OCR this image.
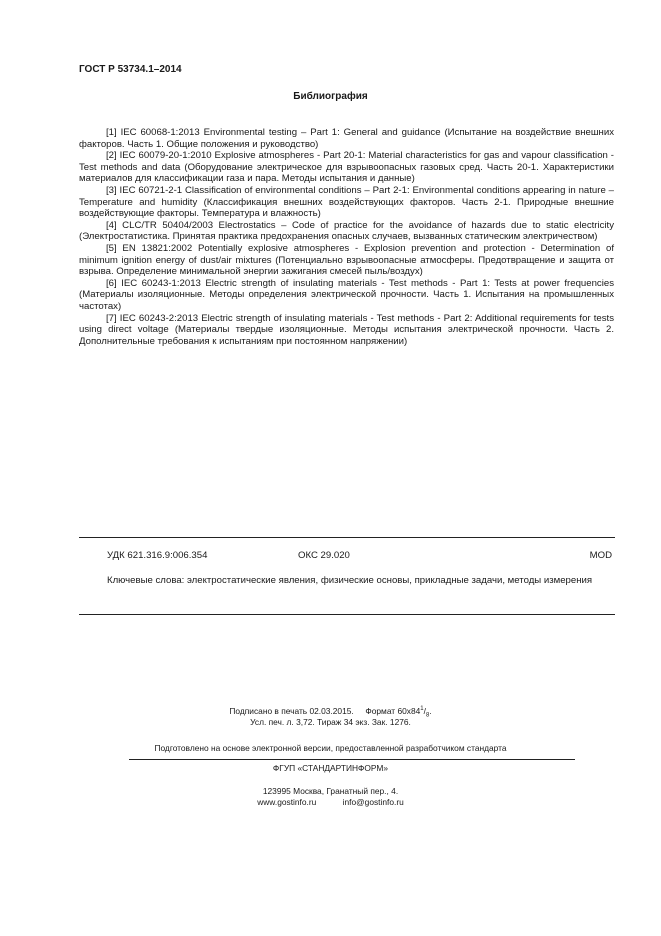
ГОСТ Р 53734.1–2014
Библиография

[1] IEC 60068-1:2013 Environmental testing – Part 1: General and guidance (Испытание на воздействие внешних факторов. Часть 1. Общие положения и руководство)

[2] IEC 60079-20-1:2010 Explosive atmospheres - Part 20-1: Material characteristics for gas and vapour classification - Test methods and data (Оборудование электрическое для взрывоопасных газовых сред. Часть 20-1. Характеристики материалов для классификации газа и пара. Методы испытания и данные)

[3] IEC 60721-2-1 Classification of environmental conditions – Part 2-1: Environmental conditions appearing in nature – Temperature and humidity (Классификация внешних воздействующих факторов. Часть 2-1. Природные внешние воздействующие факторы. Температура и влажность)

[4] CLC/TR 50404/2003 Electrostatics – Code of practice for the avoidance of hazards due to static electricity (Электростатистика. Принятая практика предохранения опасных случаев, вызванных статическим электричеством)

[5] EN 13821:2002 Potentially explosive atmospheres - Explosion prevention and protection - Determination of minimum ignition energy of dust/air mixtures (Потенциально взрывоопасные атмосферы. Предотвращение и защита от взрыва. Определение минимальной энергии зажигания смесей пыль/воздух)

[6] IEC 60243-1:2013 Electric strength of insulating materials - Test methods - Part 1: Tests at power frequencies (Материалы изоляционные. Методы определения электрической прочности. Часть 1. Испытания на промышленных частотах)

[7] IEC 60243-2:2013 Electric strength of insulating materials - Test methods - Part 2: Additional requirements for tests using direct voltage (Материалы твердые изоляционные. Методы испытания электрической прочности. Часть 2. Дополнительные требования к испытаниям при постоянном напряжении)

УДК 621.316.9:006.354	ОКС 29.020	MOD
Ключевые слова: электростатические явления, физические основы, прикладные задачи, методы измерения
Подписано в печать 02.03.2015. Формат $60x84^1/_8$.
Усл. печ. л. 3,72. Тираж 34 экз. Зак. 1276.
Подготовлено на основе электронной версии, предоставленной разработчиком стандарта
ФГУП «СТАНДАРТИНФОРМ»
123995 Москва, Гранатный пер., 4.
www.gostinfo.ru	info@gostinfo.ru
